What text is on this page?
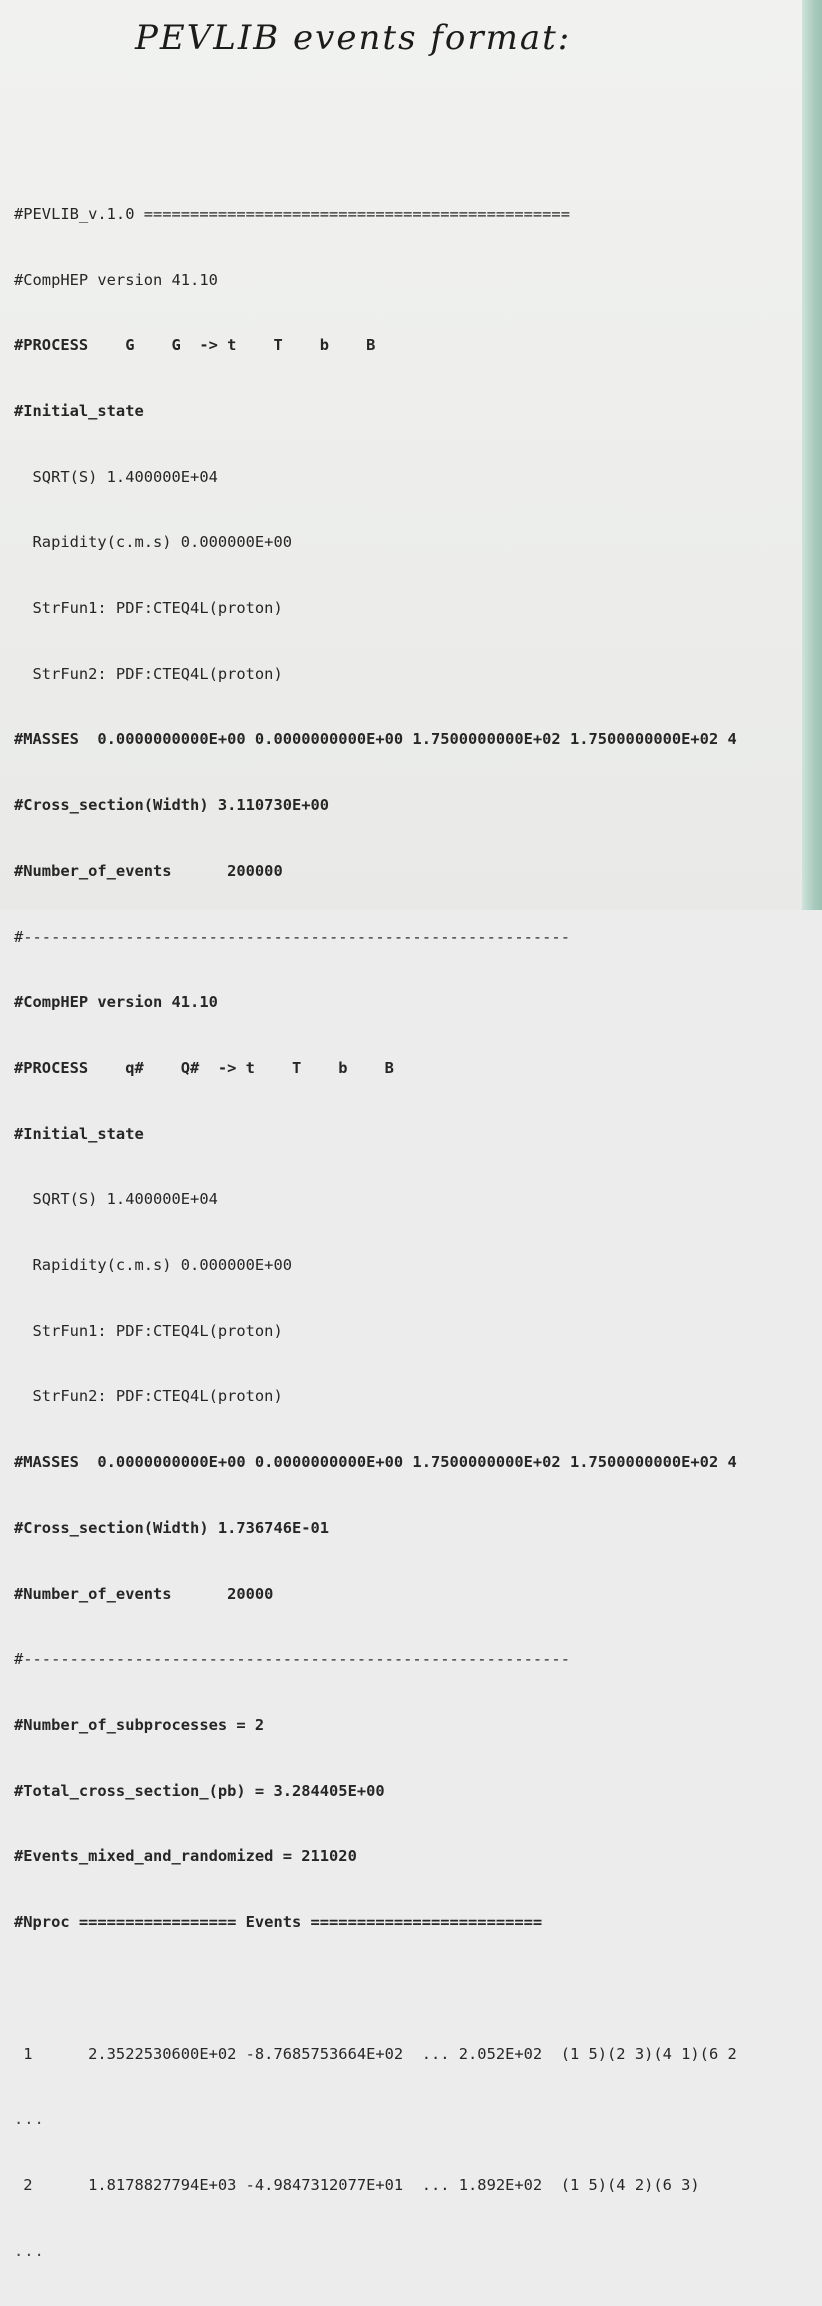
PEVLIB events format:

#PEVLIB_v.1.0 ==============================================

#CompHEP version 41.10

#PROCESS    G    G  -> t    T    b    B

#Initial_state

SQRT(S) 1.400000E+04

Rapidity(c.m.s) 0.000000E+00

StrFun1: PDF:CTEQ4L(proton)

StrFun2: PDF:CTEQ4L(proton)

#MASSES  0.0000000000E+00 0.0000000000E+00 1.7500000000E+02 1.7500000000E+02 4

#Cross_section(Width) 3.110730E+00

#Number_of_events      200000

#-----------------------------------------------------------

#CompHEP version 41.10

#PROCESS    q#    Q#  -> t    T    b    B

#Initial_state

SQRT(S) 1.400000E+04

Rapidity(c.m.s) 0.000000E+00

StrFun1: PDF:CTEQ4L(proton)

StrFun2: PDF:CTEQ4L(proton)

#MASSES  0.0000000000E+00 0.0000000000E+00 1.7500000000E+02 1.7500000000E+02 4

#Cross_section(Width) 1.736746E-01

#Number_of_events      20000

#-----------------------------------------------------------

#Number_of_subprocesses = 2

#Total_cross_section_(pb) = 3.284405E+00

#Events_mixed_and_randomized = 211020

#Nproc ================= Events =========================

1      2.3522530600E+02 -8.7685753664E+02  ... 2.052E+02  (1 5)(2 3)(4 1)(6 2

...

2      1.8178827794E+03 -4.9847312077E+01  ... 1.892E+02  (1 5)(4 2)(6 3)

...
